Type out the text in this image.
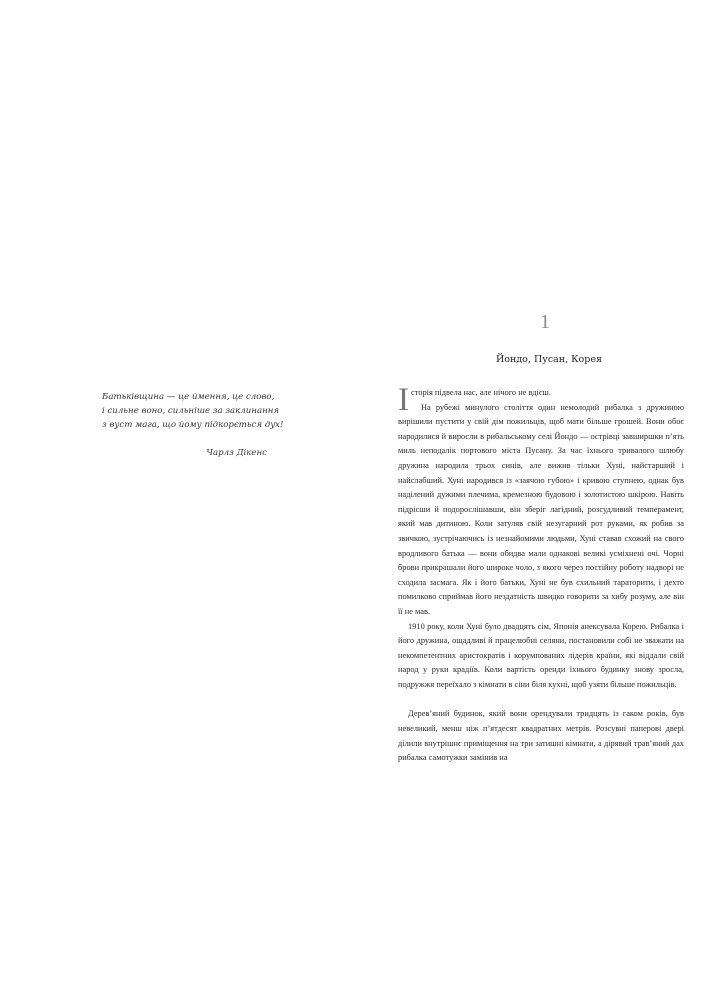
Батьківщина — це ймення, це слово,
і сильне воно, сильніше за заклинання
з вуст мага, що йому підкорється дух!
Чарлз Дікенс
1
Йондо, Пусан, Корея

Історія підвела нас, але нічого не вдієш.

На рубежі минулого століття один немолодий рибалка з дружиною вирішили пустити у свій дім пожильців, щоб мати більше грошей. Вони обоє народилися й виросли в рибальському селі Йондо — острівці завширшки п’ять миль неподалік портового міста Пусану. За час їхнього тривалого шлюбу дружина народила трьох синів, але вижив тільки Хуні, найстарший і найслабший. Хуні народився із «заячою губою» і кривою ступнею, однак був наділений дужими плечима, кремезною будовою і золотистою шкірою. Навіть підрісши й подорослішавши, він зберіг лагідний, розсудливий темперамент, який мав дитиною. Коли затуляв свій незугарний рот руками, як робив за звичкою, зустрічаючись із незнайомими людьми, Хуні ставав схожий на свого вродливого батька — вони обидва мали однакові великі усміхнені очі. Чорні брови прикрашали його широке чоло, з якого через постійну роботу надворі не сходила засмага. Як і його батьки, Хуні не був схильний тараторити, і дехто помилково сприймав його нездатність швидко говорити за хибу розуму, але він її не мав.

1910 року, коли Хуні було двадцять сім, Японія анексувала Корею. Рибалка і його дружина, ощадливі й працелюбні селяни, постановили собі не зважати на некомпетентних аристократів і корумпованих лідерів країни, які віддали свій народ у руки крадіїв. Коли вартість оренди їхнього будинку знову зросла, подружжя переїхало з кімнати в сіни біля кухні, щоб узяти більше пожильців.

Дерев’яний будинок, який вони орендували тридцять із гаком років, був невеликий, менш ніж п’ятдесят квадратних метрів. Розсувні паперові двері ділили внутрішнє приміщення на три затишні кімнати, а дірявий трав’яний дах рибалка самотужки замінив на
